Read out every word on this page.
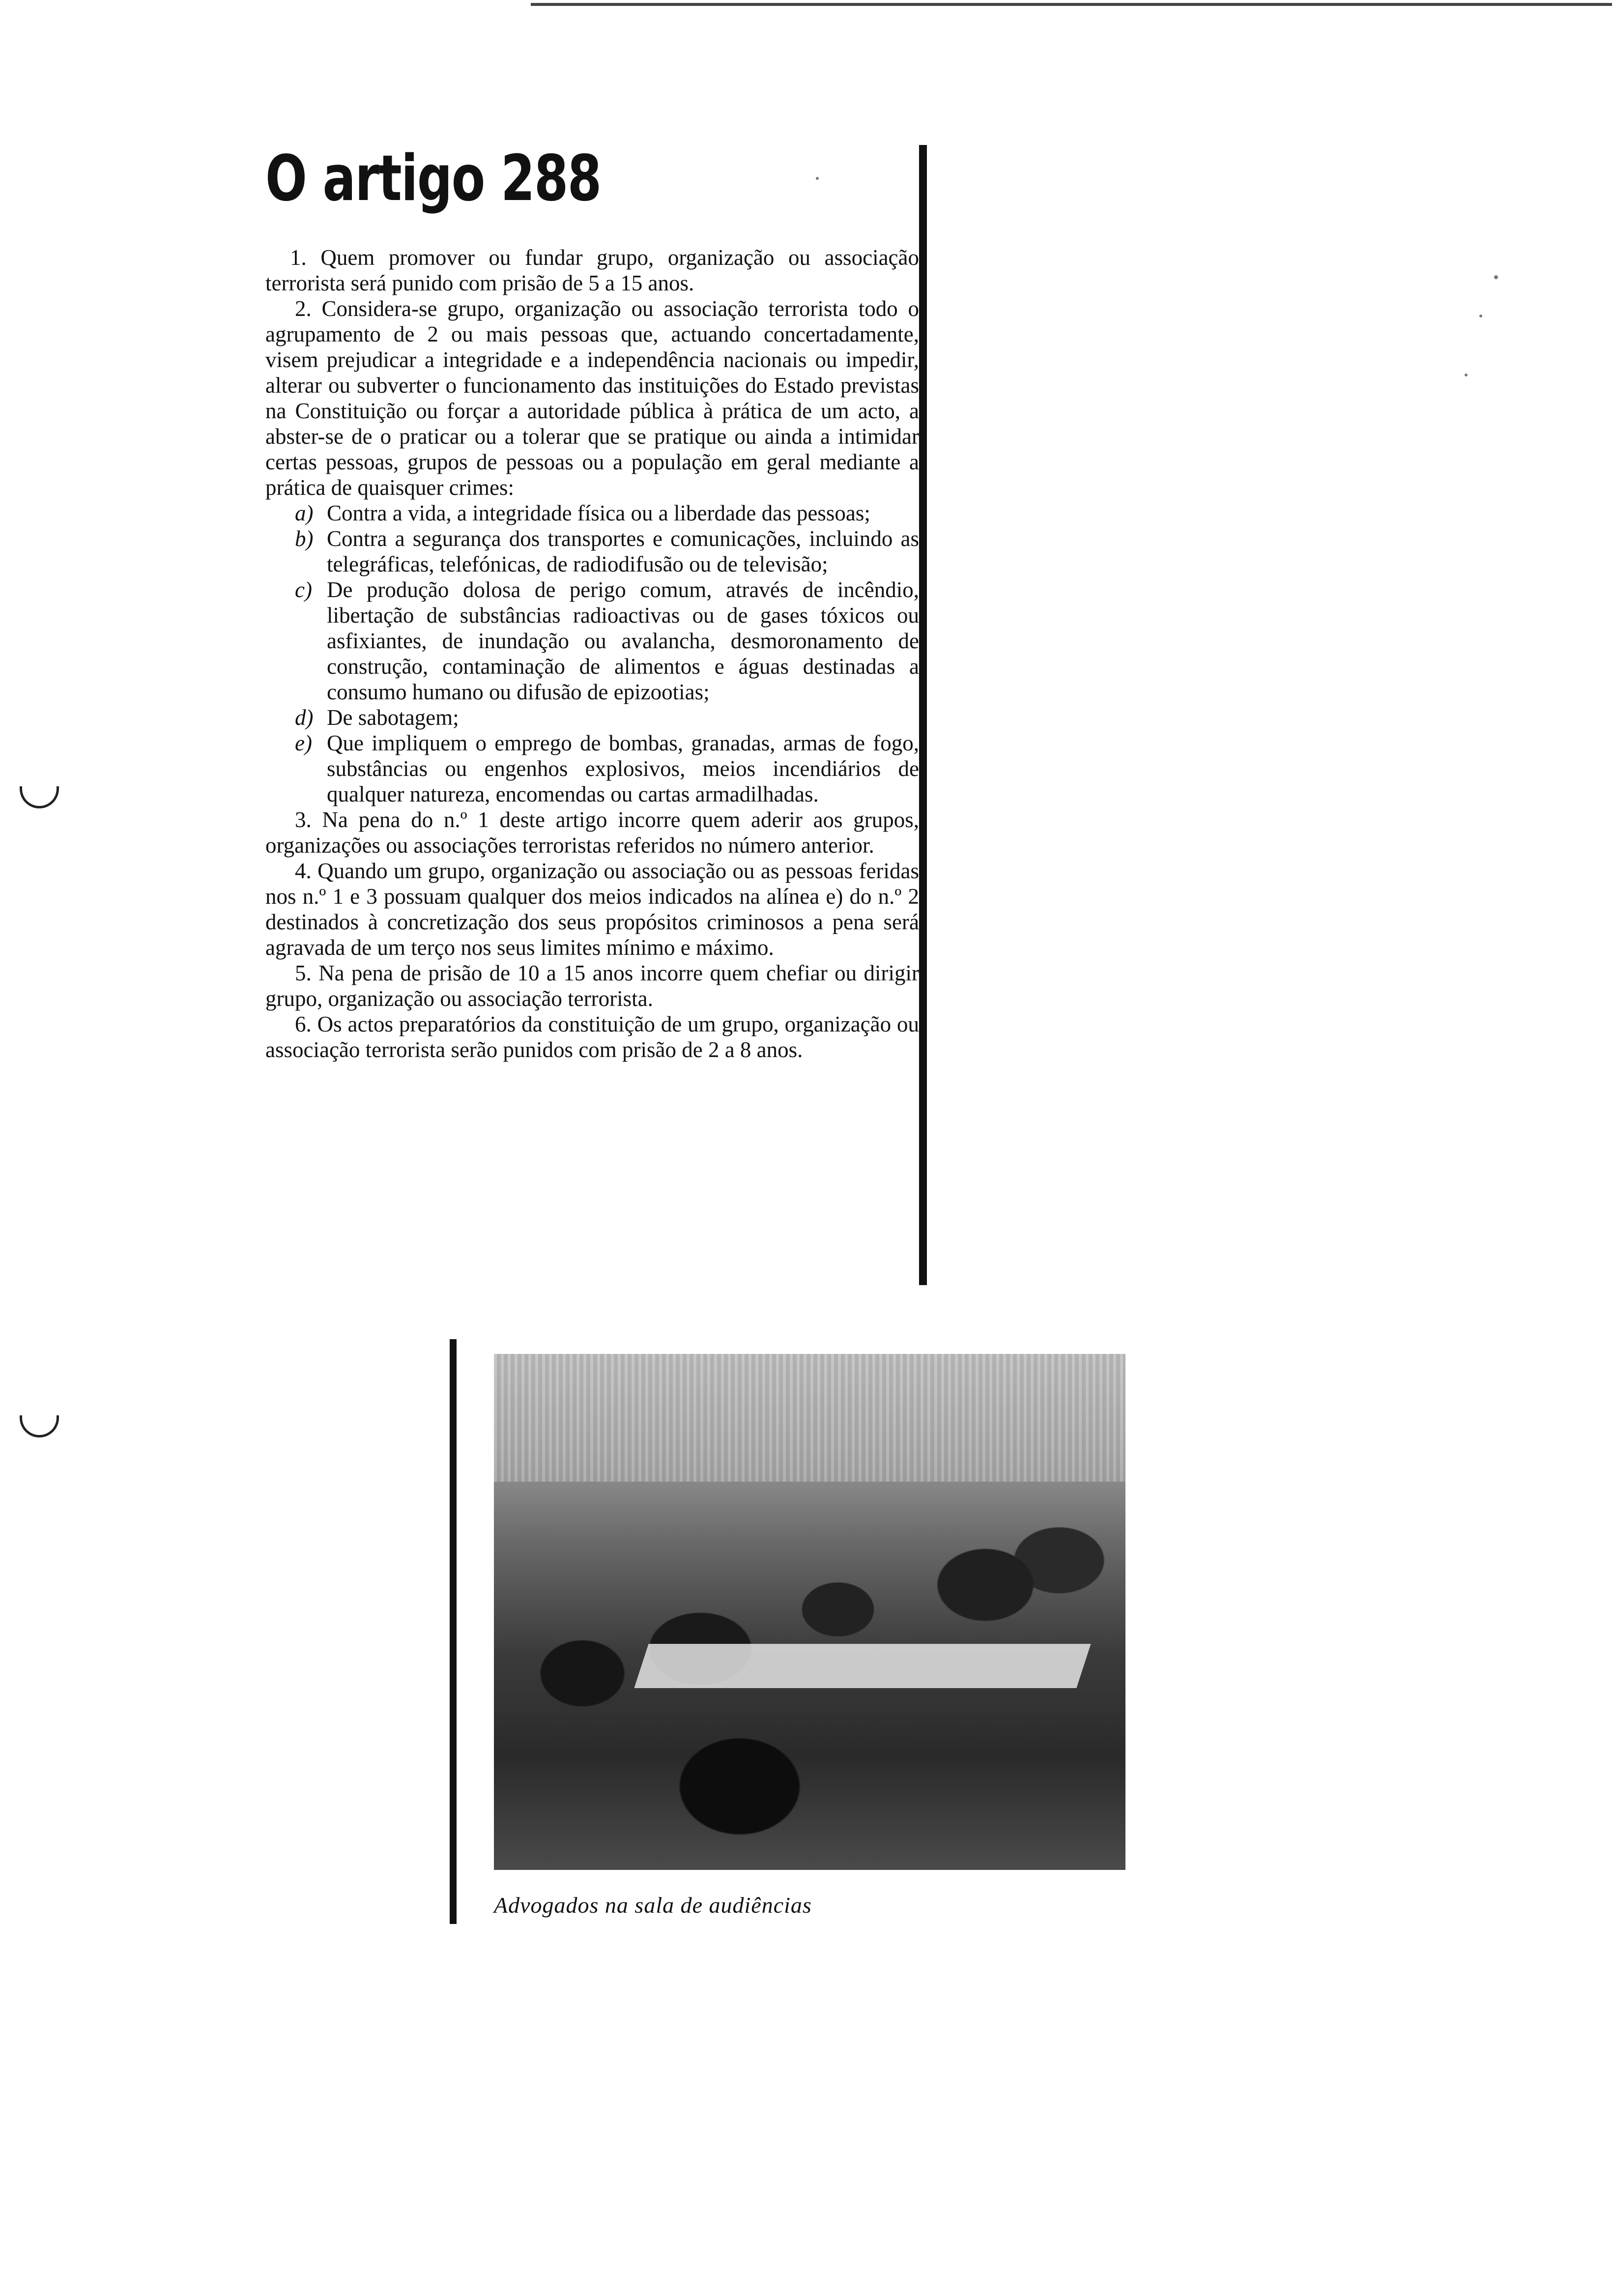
O artigo 288

1. Quem promover ou fundar grupo, organização ou associação terrorista será punido com prisão de 5 a 15 anos.

2. Considera-se grupo, organização ou associação terrorista todo o agrupamento de 2 ou mais pessoas que, actuando concertadamente, visem prejudicar a integridade e a independência nacionais ou impedir, alterar ou subverter o funcionamento das instituições do Estado previstas na Constituição ou forçar a autoridade pública à prática de um acto, a abster-se de o praticar ou a tolerar que se pratique ou ainda a intimidar certas pessoas, grupos de pessoas ou a população em geral mediante a prática de quaisquer crimes:

a) Contra a vida, a integridade física ou a liberdade das pessoas;
b) Contra a segurança dos transportes e comunicações, incluindo as telegráficas, telefónicas, de radiodifusão ou de televisão;
c) De produção dolosa de perigo comum, através de incêndio, libertação de substâncias radioactivas ou de gases tóxicos ou asfixiantes, de inundação ou avalancha, desmoronamento de construção, contaminação de alimentos e águas destinadas a consumo humano ou difusão de epizootias;
d) De sabotagem;
e) Que impliquem o emprego de bombas, granadas, armas de fogo, substâncias ou engenhos explosivos, meios incendiários de qualquer natureza, encomendas ou cartas armadilhadas.

3. Na pena do n.º 1 deste artigo incorre quem aderir aos grupos, organizações ou associações terroristas referidos no número anterior.

4. Quando um grupo, organização ou associação ou as pessoas feridas nos n.º 1 e 3 possuam qualquer dos meios indicados na alínea e) do n.º 2 destinados à concretização dos seus propósitos criminosos a pena será agravada de um terço nos seus limites mínimo e máximo.

5. Na pena de prisão de 10 a 15 anos incorre quem chefiar ou dirigir grupo, organização ou associação terrorista.

6. Os actos preparatórios da constituição de um grupo, organização ou associação terrorista serão punidos com prisão de 2 a 8 anos.

Advogados na sala de audiências
